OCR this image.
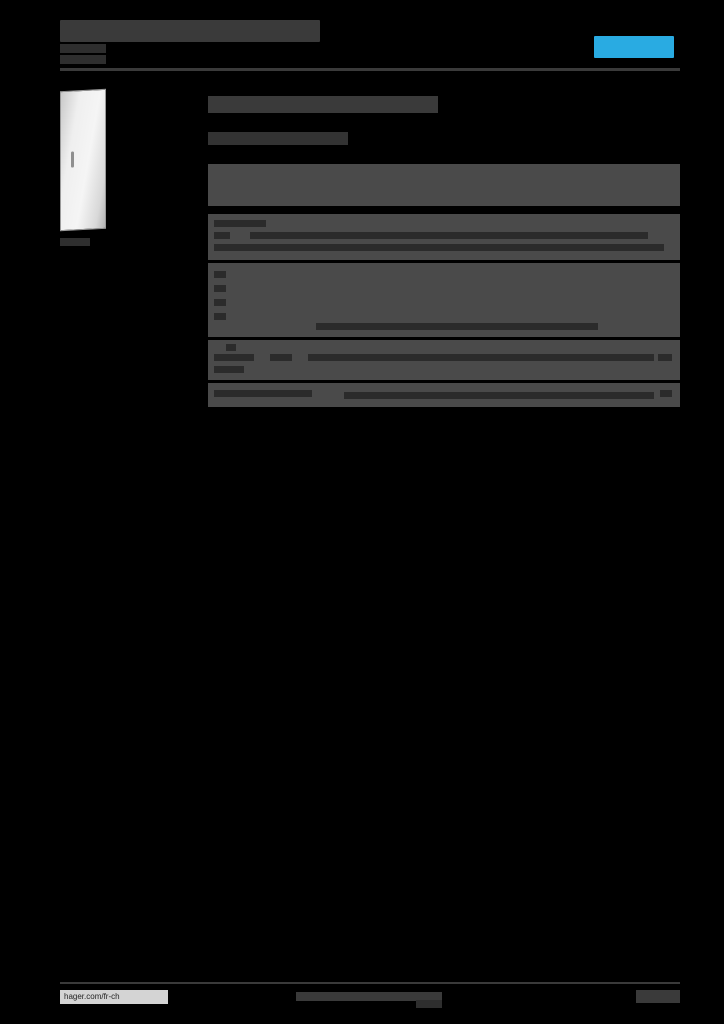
hager.com/fr-ch
